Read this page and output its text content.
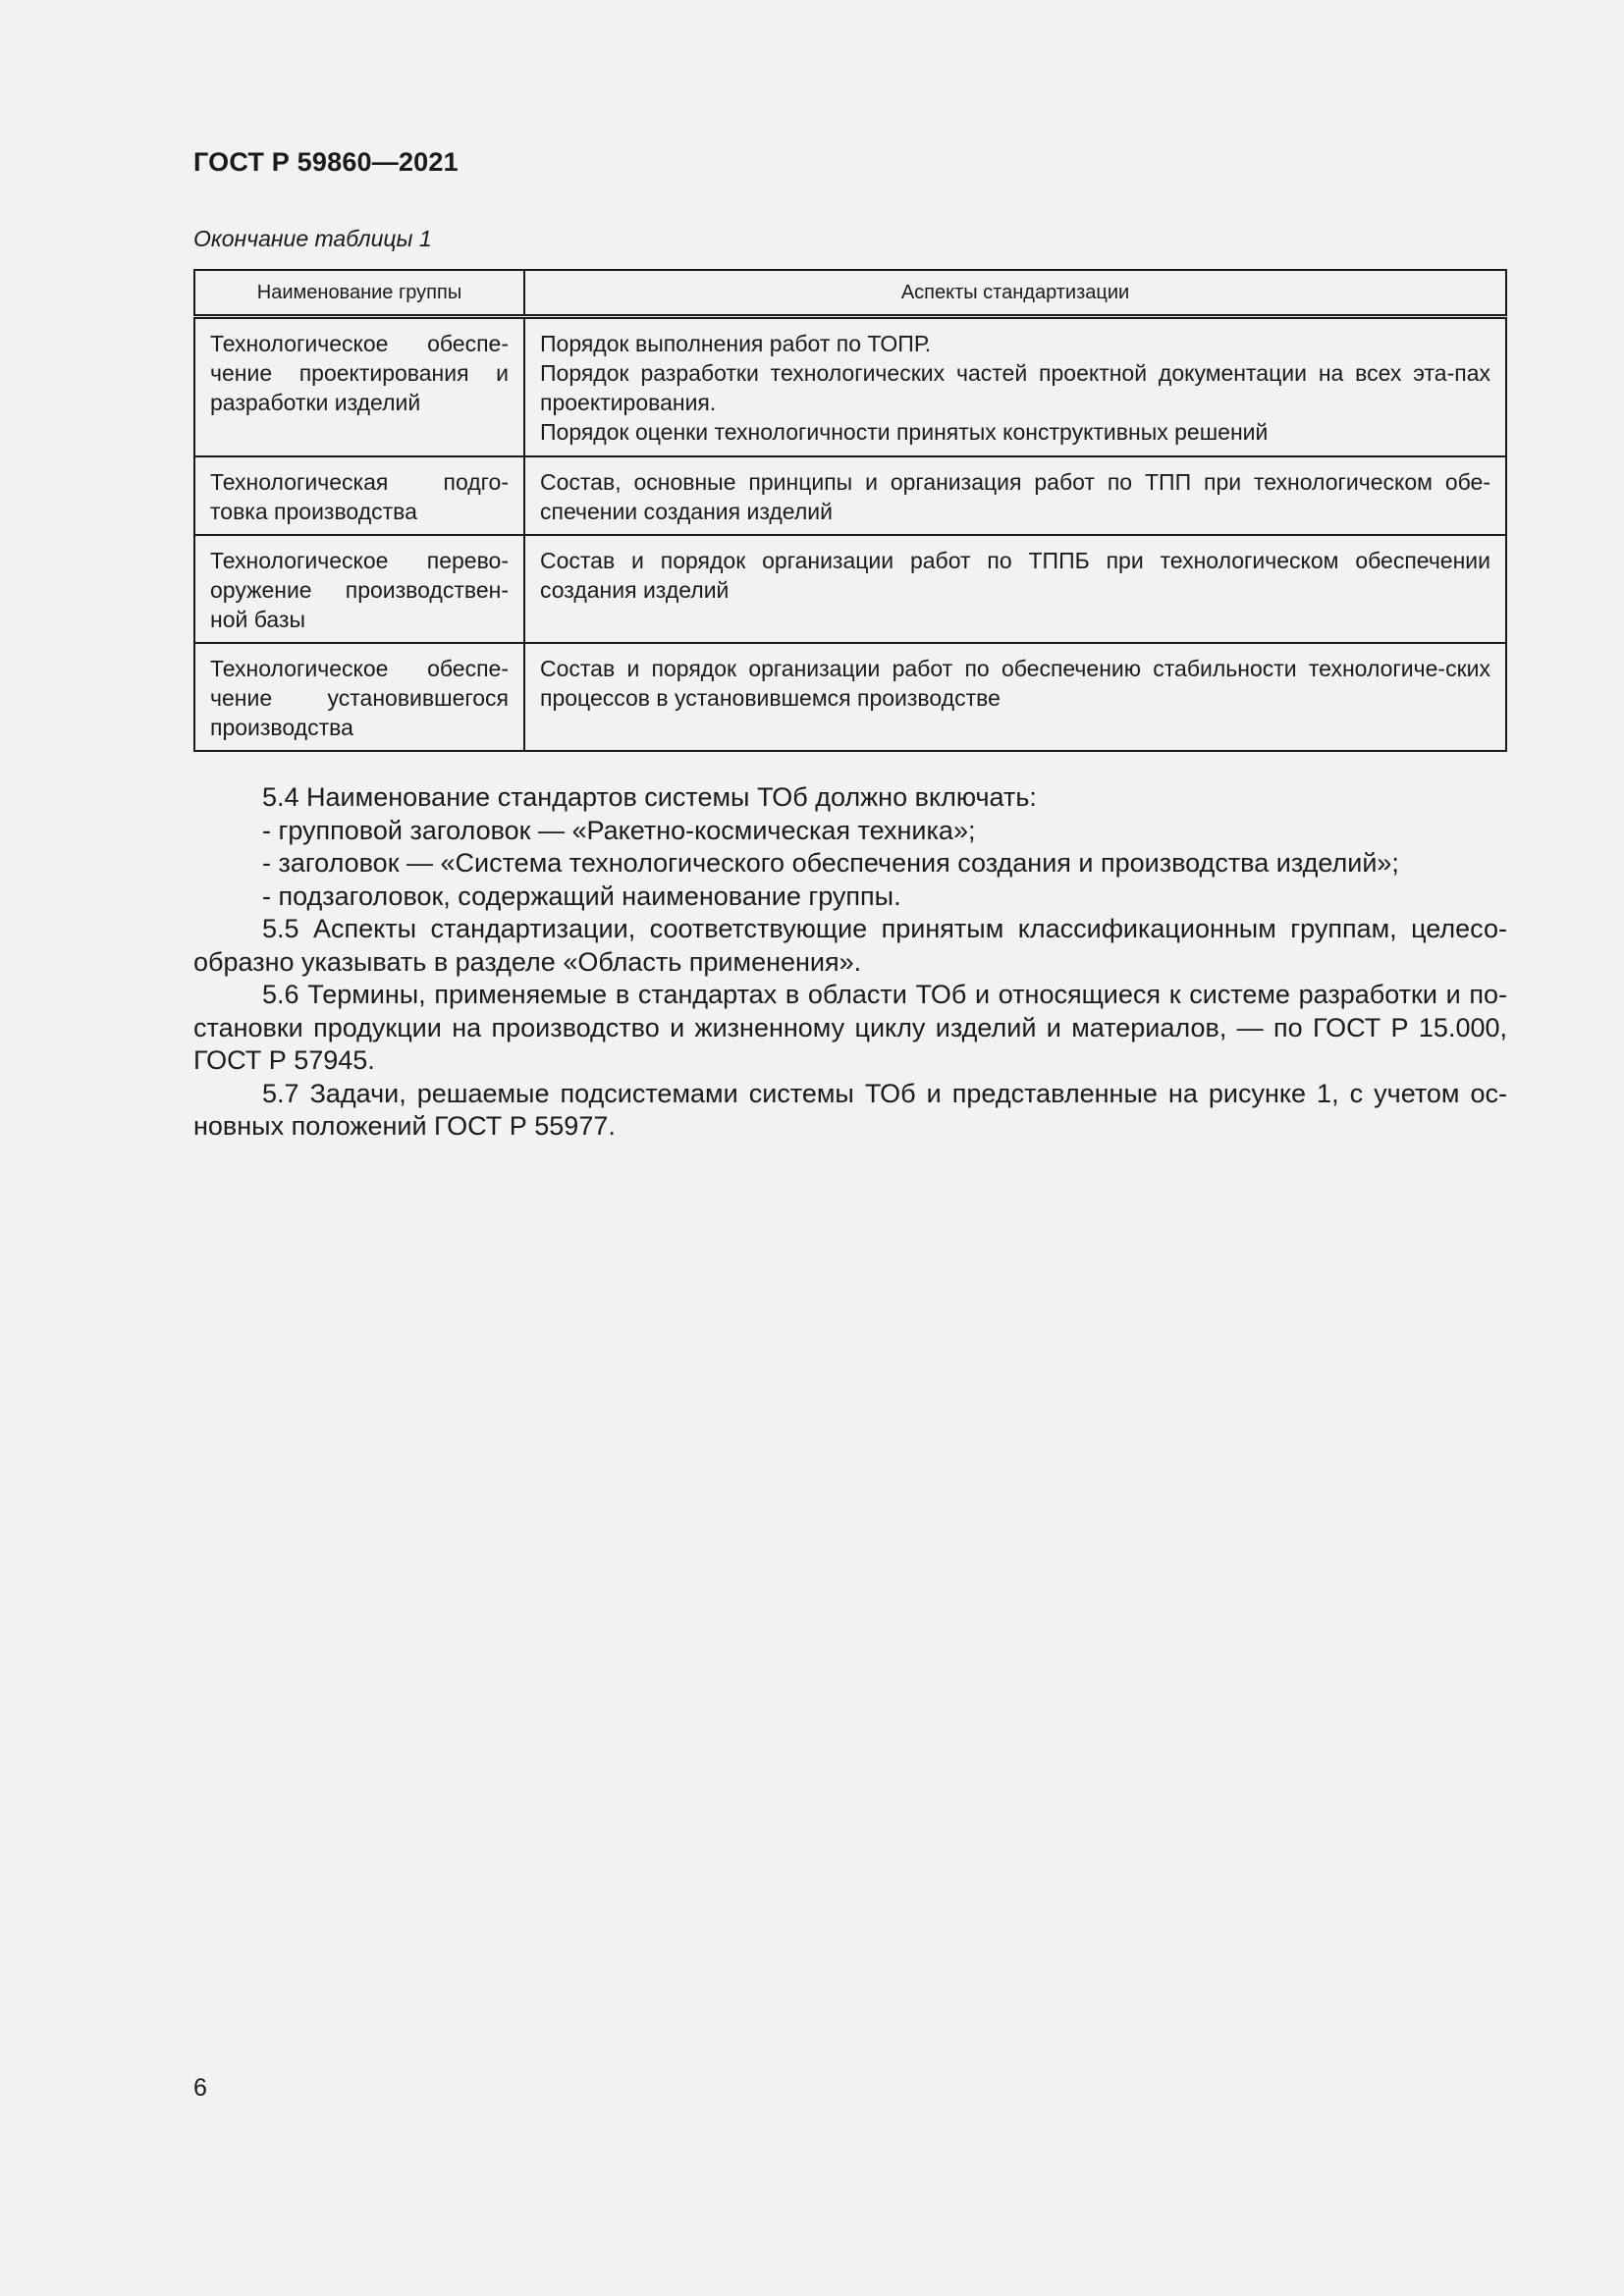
ГОСТ Р 59860—2021
Окончание таблицы 1
Наименование группы	Аспекты стандартизации
Технологическое обеспе-чение проектирования и разработки изделий	Порядок выполнения работ по ТОПР.

Порядок разработки технологических частей проектной документации на всех эта-пах проектирования.

Порядок оценки технологичности принятых конструктивных решений

Технологическая подго-товка производства	Состав, основные принципы и организация работ по ТПП при технологическом обе-спечении создания изделий

Технологическое перево-оружение производствен-ной базы	Состав и порядок организации работ по ТППБ при технологическом обеспечении создания изделий

Технологическое обеспе-чение установившегося производства	Состав и порядок организации работ по обеспечению стабильности технологиче-ских процессов в установившемся производстве

5.4 Наименование стандартов системы ТОб должно включать:

- групповой заголовок — «Ракетно-космическая техника»;

- заголовок — «Система технологического обеспечения создания и производства изделий»;

- подзаголовок, содержащий наименование группы.

5.5 Аспекты стандартизации, соответствующие принятым классификационным группам, целесо-образно указывать в разделе «Область применения».

5.6 Термины, применяемые в стандартах в области ТОб и относящиеся к системе разработки и по-становки продукции на производство и жизненному циклу изделий и материалов, — по ГОСТ Р 15.000, ГОСТ Р 57945.

5.7 Задачи, решаемые подсистемами системы ТОб и представленные на рисунке 1, с учетом ос-новных положений ГОСТ Р 55977.

6
